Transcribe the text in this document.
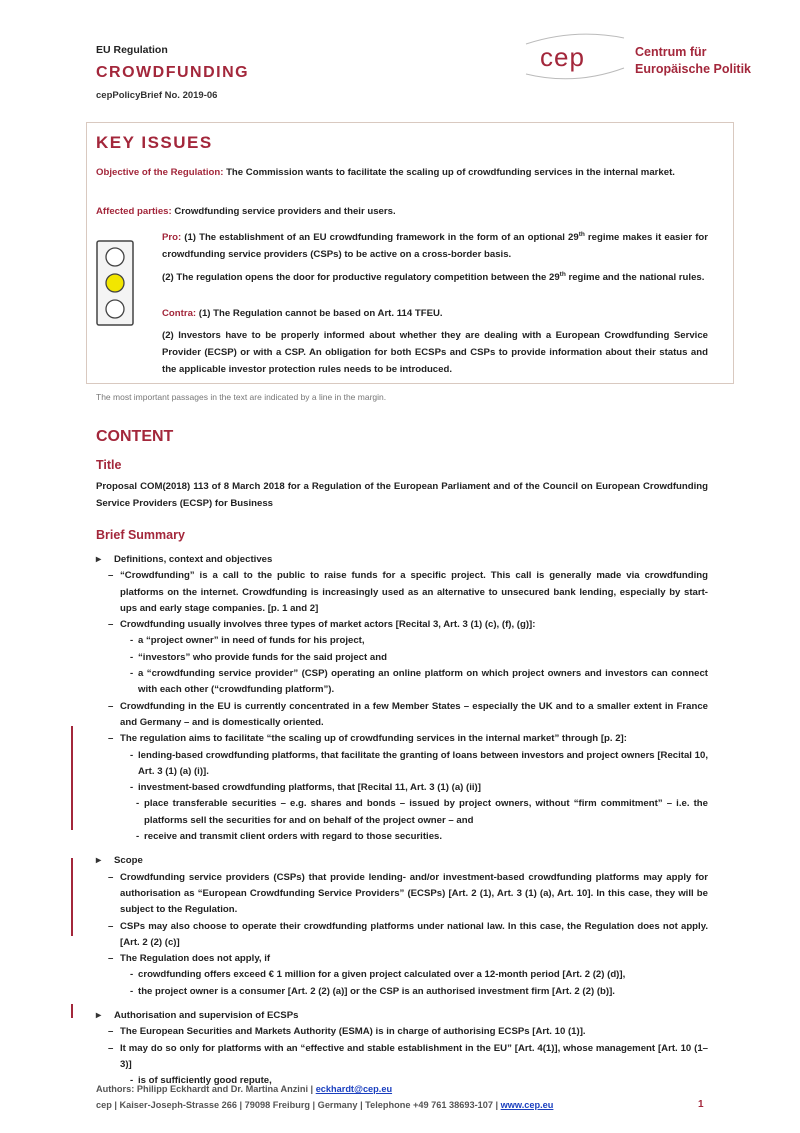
EU Regulation
CROWDFUNDING
cepPolicyBrief No. 2019-06
cep	Centrum für
Europäische Politik
KEY ISSUES
Objective of the Regulation: The Commission wants to facilitate the scaling up of crowdfunding services in the internal market.
Affected parties: Crowdfunding service providers and their users.
Pro: (1) The establishment of an EU crowdfunding framework in the form of an optional 29th regime makes it easier for crowdfunding service providers (CSPs) to be active on a cross-border basis.
(2) The regulation opens the door for productive regulatory competition between the 29th regime and the national rules.
Contra: (1) The Regulation cannot be based on Art. 114 TFEU.
(2) Investors have to be properly informed about whether they are dealing with a European Crowdfunding Service Provider (ECSP) or with a CSP. An obligation for both ECSPs and CSPs to provide information about their status and the applicable investor protection rules needs to be introduced.
The most important passages in the text are indicated by a line in the margin.
CONTENT
Title
Proposal COM(2018) 113 of 8 March 2018 for a Regulation of the European Parliament and of the Council on European Crowdfunding Service Providers (ECSP) for Business
Brief Summary
▸ Definitions, context and objectives
– “Crowdfunding” is a call to the public to raise funds for a specific project. This call is generally made via crowdfunding platforms on the internet. Crowdfunding is increasingly used as an alternative to unsecured bank lending, especially by start-ups and early stage companies. [p. 1 and 2]
– Crowdfunding usually involves three types of market actors [Recital 3, Art. 3 (1) (c), (f), (g)]:
- a “project owner” in need of funds for his project,
- “investors” who provide funds for the said project and
- a “crowdfunding service provider” (CSP) operating an online platform on which project owners and investors can connect with each other (“crowdfunding platform”).
– Crowdfunding in the EU is currently concentrated in a few Member States – especially the UK and to a smaller extent in France and Germany – and is domestically oriented.
– The regulation aims to facilitate “the scaling up of crowdfunding services in the internal market” through [p. 2]:
- lending-based crowdfunding platforms, that facilitate the granting of loans between investors and project owners [Recital 10, Art. 3 (1) (a) (i)].
- investment-based crowdfunding platforms, that [Recital 11, Art. 3 (1) (a) (ii)]
- place transferable securities – e.g. shares and bonds – issued by project owners, without “firm commitment” – i.e. the platforms sell the securities for and on behalf of the project owner – and
- receive and transmit client orders with regard to those securities.
▸ Scope
– Crowdfunding service providers (CSPs) that provide lending- and/or investment-based crowdfunding platforms may apply for authorisation as “European Crowdfunding Service Providers” (ECSPs) [Art. 2 (1), Art. 3 (1) (a), Art. 10]. In this case, they will be subject to the Regulation.
– CSPs may also choose to operate their crowdfunding platforms under national law. In this case, the Regulation does not apply. [Art. 2 (2) (c)]
– The Regulation does not apply, if
- crowdfunding offers exceed € 1 million for a given project calculated over a 12-month period [Art. 2 (2) (d)],
- the project owner is a consumer [Art. 2 (2) (a)] or the CSP is an authorised investment firm [Art. 2 (2) (b)].
▸ Authorisation and supervision of ECSPs
– The European Securities and Markets Authority (ESMA) is in charge of authorising ECSPs [Art. 10 (1)].
– It may do so only for platforms with an “effective and stable establishment in the EU” [Art. 4(1)], whose management [Art. 10 (1–3)]
- is of sufficiently good repute,
Authors: Philipp Eckhardt and Dr. Martina Anzini | eckhardt@cep.eu
cep | Kaiser-Joseph-Strasse 266 | 79098 Freiburg | Germany | Telephone +49 761 38693-107 | www.cep.eu	1
